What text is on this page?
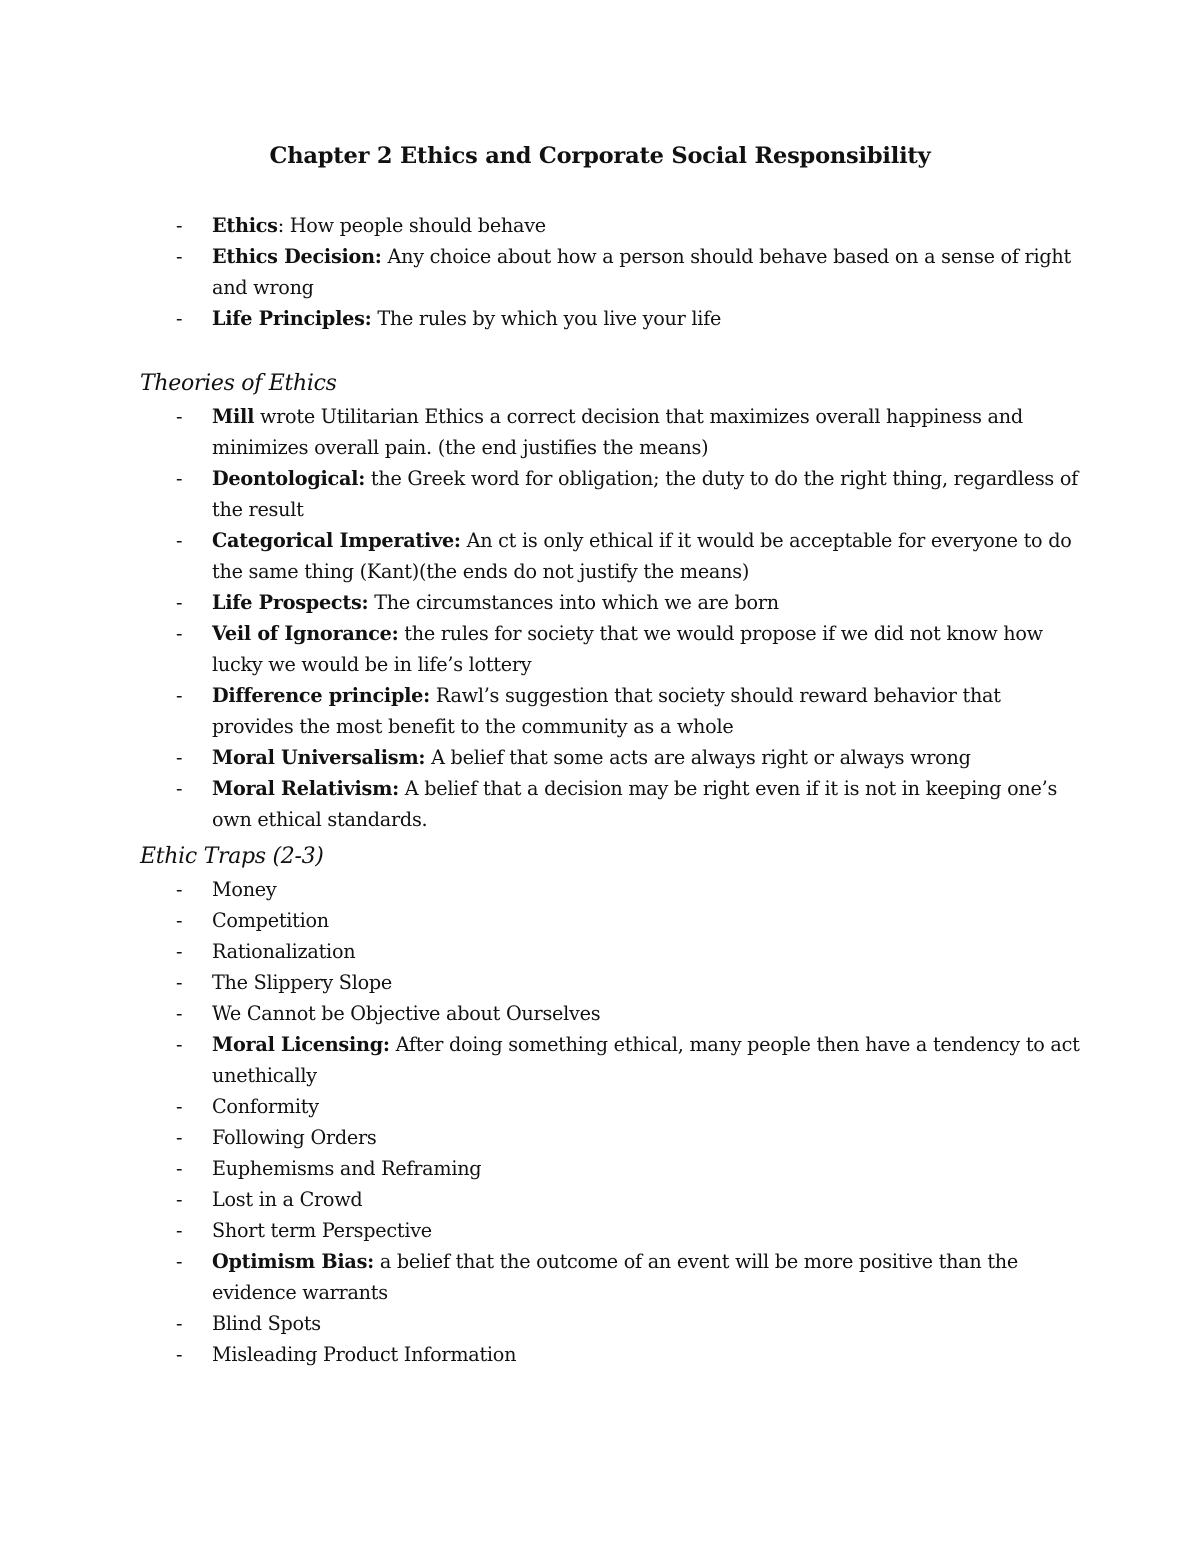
Chapter 2 Ethics and Corporate Social Responsibility
- Ethics: How people should behave
- Ethics Decision: Any choice about how a person should behave based on a sense of right and wrong
- Life Principles: The rules by which you live your life
Theories of Ethics
- Mill wrote Utilitarian Ethics a correct decision that maximizes overall happiness and minimizes overall pain. (the end justifies the means)
- Deontological: the Greek word for obligation; the duty to do the right thing, regardless of the result
- Categorical Imperative: An ct is only ethical if it would be acceptable for everyone to do the same thing (Kant)(the ends do not justify the means)
- Life Prospects: The circumstances into which we are born
- Veil of Ignorance: the rules for society that we would propose if we did not know how lucky we would be in life’s lottery
- Difference principle: Rawl’s suggestion that society should reward behavior that provides the most benefit to the community as a whole
- Moral Universalism: A belief that some acts are always right or always wrong
- Moral Relativism: A belief that a decision may be right even if it is not in keeping one’s own ethical standards.
Ethic Traps (2-3)
- Money
- Competition
- Rationalization
- The Slippery Slope
- We Cannot be Objective about Ourselves
- Moral Licensing: After doing something ethical, many people then have a tendency to act unethically
- Conformity
- Following Orders
- Euphemisms and Reframing
- Lost in a Crowd
- Short term Perspective
- Optimism Bias: a belief that the outcome of an event will be more positive than the evidence warrants
- Blind Spots
- Misleading Product Information
